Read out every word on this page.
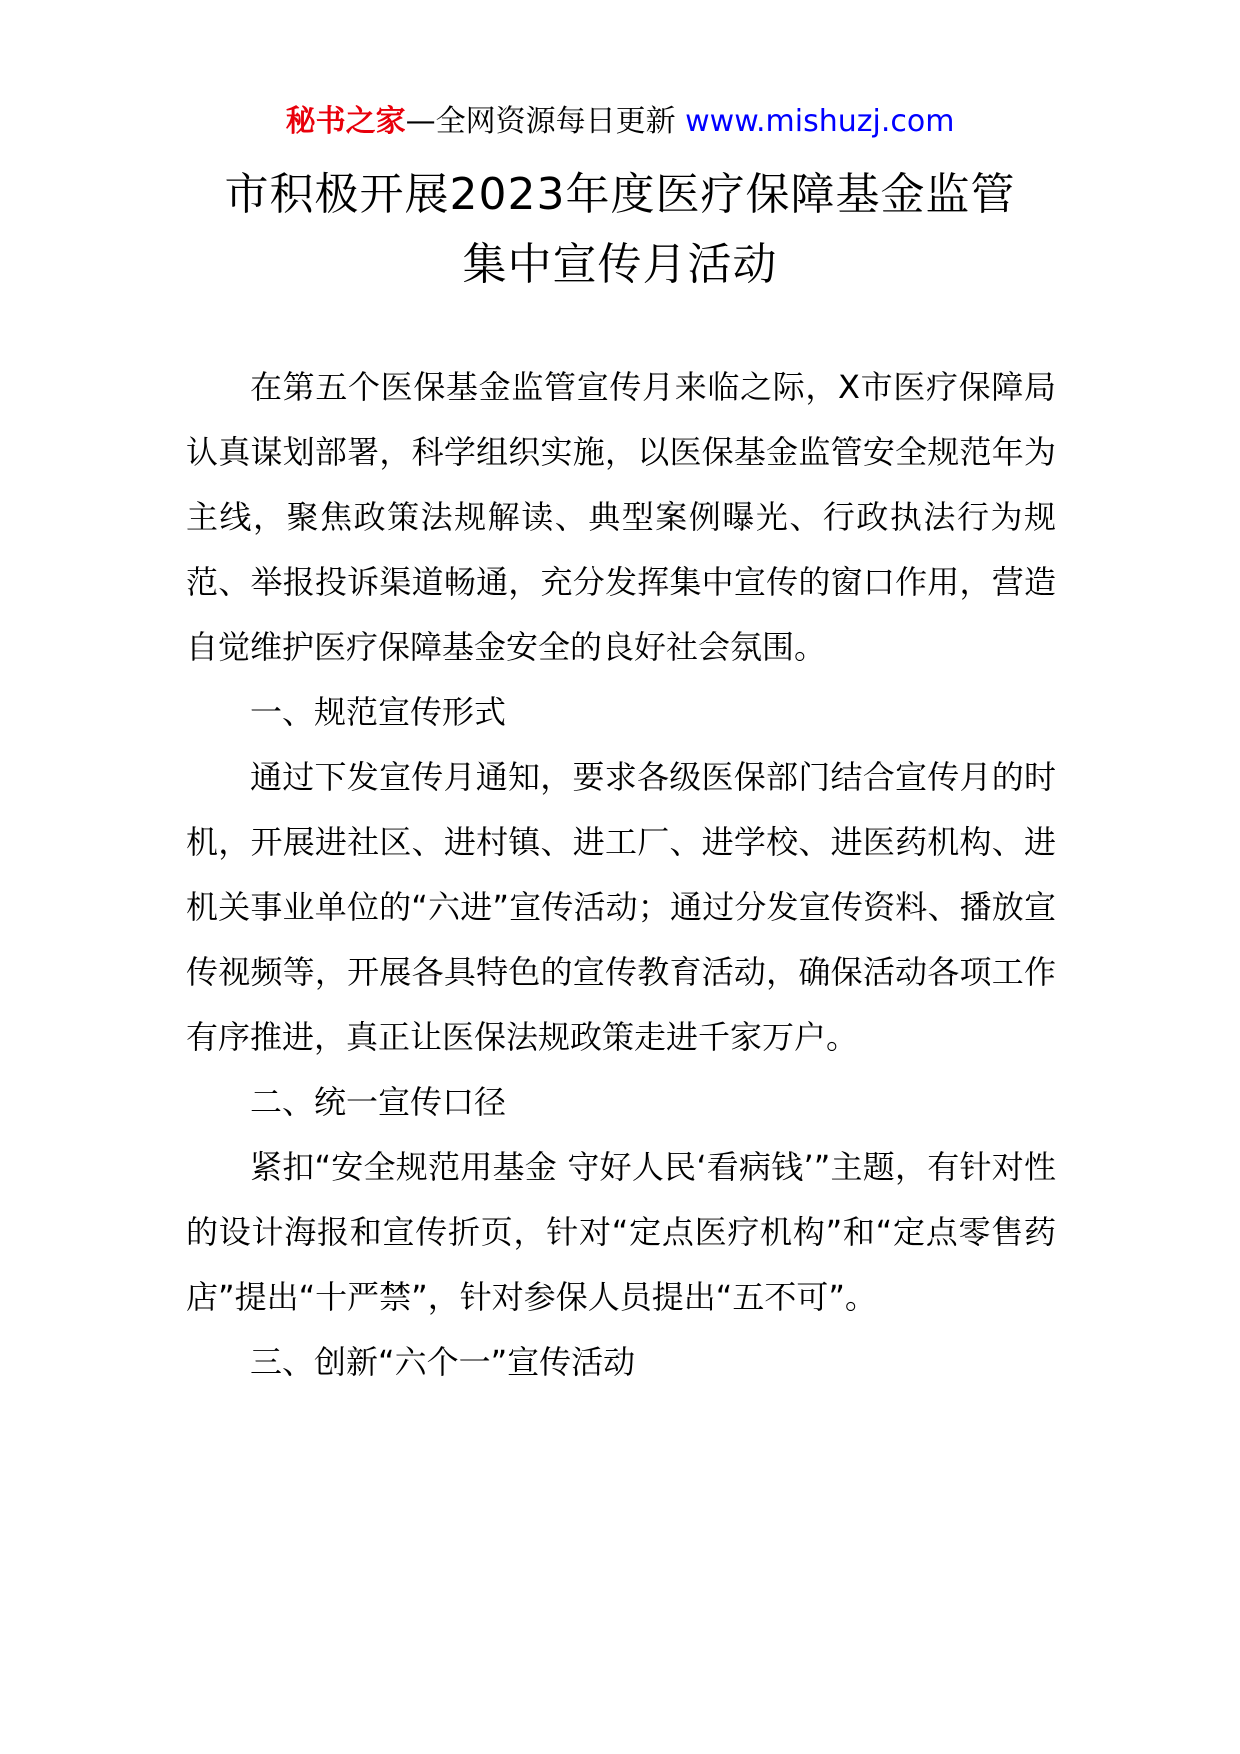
秘书之家—全网资源每日更新 www.mishuzj.com
市积极开展2023年度医疗保障基金监管
集中宣传月活动

在第五个医保基金监管宣传月来临之际，X市医疗保障局认真谋划部署，科学组织实施，以医保基金监管安全规范年为主线，聚焦政策法规解读、典型案例曝光、行政执法行为规范、举报投诉渠道畅通，充分发挥集中宣传的窗口作用，营造自觉维护医疗保障基金安全的良好社会氛围。

一、规范宣传形式

通过下发宣传月通知，要求各级医保部门结合宣传月的时机，开展进社区、进村镇、进工厂、进学校、进医药机构、进机关事业单位的“六进”宣传活动；通过分发宣传资料、播放宣传视频等，开展各具特色的宣传教育活动，确保活动各项工作有序推进，真正让医保法规政策走进千家万户。

二、统一宣传口径

紧扣“安全规范用基金 守好人民‘看病钱’”主题，有针对性的设计海报和宣传折页，针对“定点医疗机构”和“定点零售药店”提出“十严禁”，针对参保人员提出“五不可”。

三、创新“六个一”宣传活动
